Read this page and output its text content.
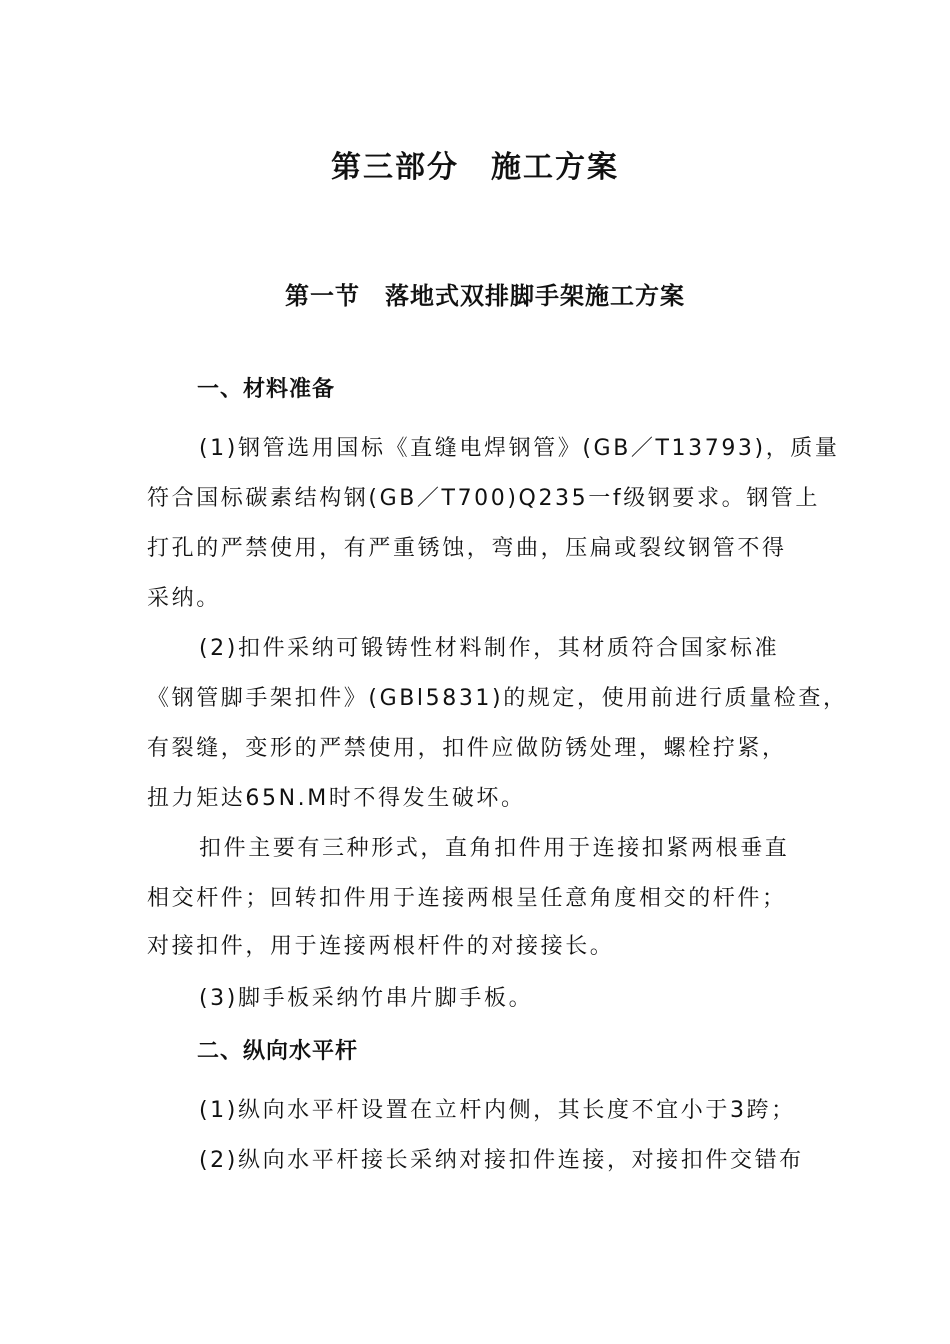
第三部分　施工方案
第一节　落地式双排脚手架施工方案
一、材料准备
(1)钢管选用国标《直缝电焊钢管》(GB／T13793)，质量
符合国标碳素结构钢(GB／T700)Q235一f级钢要求。钢管上
打孔的严禁使用，有严重锈蚀，弯曲，压扁或裂纹钢管不得
采纳。
(2)扣件采纳可锻铸性材料制作，其材质符合国家标准
《钢管脚手架扣件》(GBl5831)的规定，使用前进行质量检查，
有裂缝，变形的严禁使用，扣件应做防锈处理，螺栓拧紧，
扭力矩达65N.M时不得发生破坏。
扣件主要有三种形式，直角扣件用于连接扣紧两根垂直
相交杆件；回转扣件用于连接两根呈任意角度相交的杆件；
对接扣件，用于连接两根杆件的对接接长。
(3)脚手板采纳竹串片脚手板。
二、纵向水平杆
(1)纵向水平杆设置在立杆内侧，其长度不宜小于3跨；
(2)纵向水平杆接长采纳对接扣件连接，对接扣件交错布
